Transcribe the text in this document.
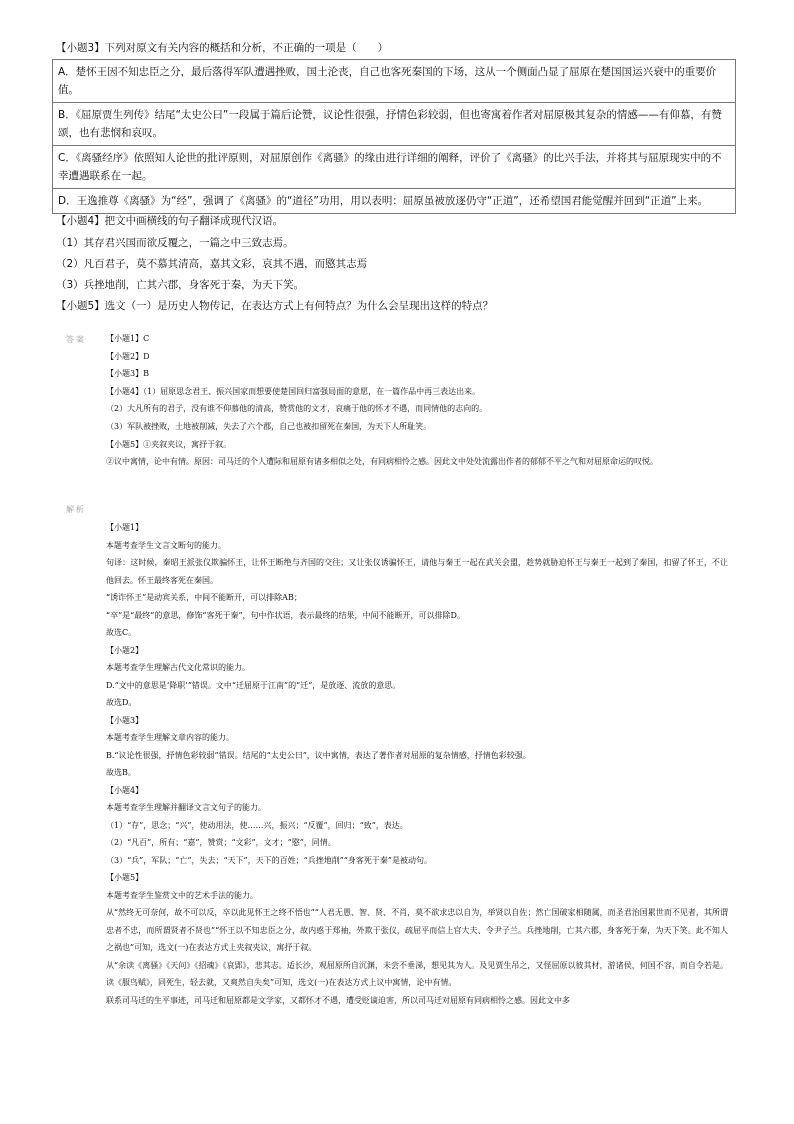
【小题3】下列对原文有关内容的概括和分析，不正确的一项是（　　）
A．楚怀王因不知忠臣之分，最后落得军队遭遇挫败，国土沦丧，自己也客死秦国的下场，这从一个侧面凸显了屈原在楚国国运兴衰中的重要价值。
B．《屈原贾生列传》结尾“太史公曰”一段属于篇后论赞，议论性很强，抒情色彩较弱，但也寄寓着作者对屈原极其复杂的情感——有仰慕，有赞颂，也有悲悯和哀叹。
C．《离骚经序》依照知人论世的批评原则，对屈原创作《离骚》的缘由进行详细的阐释，评价了《离骚》的比兴手法，并将其与屈原现实中的不幸遭遇联系在一起。
D．王逸推尊《离骚》为“经”，强调了《离骚》的“道径”功用，用以表明：屈原虽被放逐仍守“正道”，还希望国君能觉醒并回到“正道”上来。
【小题4】把文中画横线的句子翻译成现代汉语。
（1）其存君兴国而欲反覆之，一篇之中三致志焉。
（2）凡百君子，莫不慕其清高，嘉其文彩，哀其不遇，而愍其志焉
（3）兵挫地削，亡其六郡，身客死于秦，为天下笑。
【小题5】选文（一）是历史人物传记，在表达方式上有何特点？为什么会呈现出这样的特点？
答案	【小题1】C
【小题2】D
【小题3】B
【小题4】（1）屈原思念君王、振兴国家而想要使楚国回归富强局面的意愿，在一篇作品中再三表达出来。
（2）大凡所有的君子，没有谁不仰慕他的清高，赞赏他的文才，哀痛于他的怀才不遇，而同情他的志向的。
（3）军队被挫败，土地被削减，失去了六个郡，自己也被扣留死在秦国，为天下人所耻笑。
【小题5】①夹叙夹议，寓抒于叙。
②议中寓情，论中有情。原因：司马迁的个人遭际和屈原有诸多相似之处，有同病相怜之感。因此文中处处流露出作者的郁郁不平之气和对屈原命运的叹悦。
解析
【小题1】
本题考查学生文言文断句的能力。
句译：这时候，秦昭王派张仪欺骗怀王，让怀王断绝与齐国的交往；又让张仪诱骗怀王，请他与秦王一起在武关会盟，趁势就胁迫怀王与秦王一起到了秦国，扣留了怀王，不让他回去。怀王最终客死在秦国。
“诱诈怀王”是动宾关系，中间不能断开，可以排除AB；
“卒”是“最终”的意思，修饰“客死于秦”，句中作状语，表示最终的结果，中间不能断开，可以排除D。
故选C。
【小题2】
本题考查学生理解古代文化常识的能力。
D.“文中的意思是‘降职’”错误。文中“迁屈原于江南”的“迁”，是放逐、流放的意思。
故选D。
【小题3】
本题考查学生理解文章内容的能力。
B.“议论性很强，抒情色彩较弱”错误。结尾的“太史公曰”，议中寓情，表达了著作者对屈原的复杂情感，抒情色彩较强。
故选B。
【小题4】
本题考查学生理解并翻译文言文句子的能力。
（1）“存”，思念；“兴”，使动用法，使……兴，振兴；“反覆”，回归；“致”，表达。
（2）“凡百”，所有；“嘉”，赞赏；“文彩”，文才；“愍”，同情。
（3）“兵”，军队；“亡”，失去；“天下”，天下的百姓；“兵挫地削”“身客死于秦”是被动句。
【小题5】
本题考查学生鉴赏文中的艺术手法的能力。
从“然终无可奈何，故不可以反，卒以此见怀王之终不悟也”“人君无愚、智、贤、不肖，莫不欲求忠以自为，举贤以自佐；然亡国破家相随属，而圣君治国累世而不见者，其所谓忠者不忠，而所谓贤者不贤也”“怀王以不知忠臣之分，故内惑于郑袖，外欺于张仪，疏屈平而信上官大夫、令尹子兰。兵挫地削，亡其六郡，身客死于秦，为天下笑。此不知人之祸也”可知，选文(一)在表达方式上夹叙夹议，寓抒于叙。
从“余读《离骚》《天问》《招魂》《哀郢》，悲其志。适长沙，观屈原所自沉渊，未尝不垂涕，想见其为人。及见贾生吊之，又怪屈原以彼其材，游诸侯，何国不容，而自令若是。读《服鸟赋》，同死生，轻去就，又爽然自失矣”可知，选文(一)在表达方式上议中寓情，论中有情。
联系司马迁的生平事迹，司马迁和屈原都是文学家，又都怀才不遇，遭受贬谪迫害，所以司马迁对屈原有同病相怜之感。因此文中多
